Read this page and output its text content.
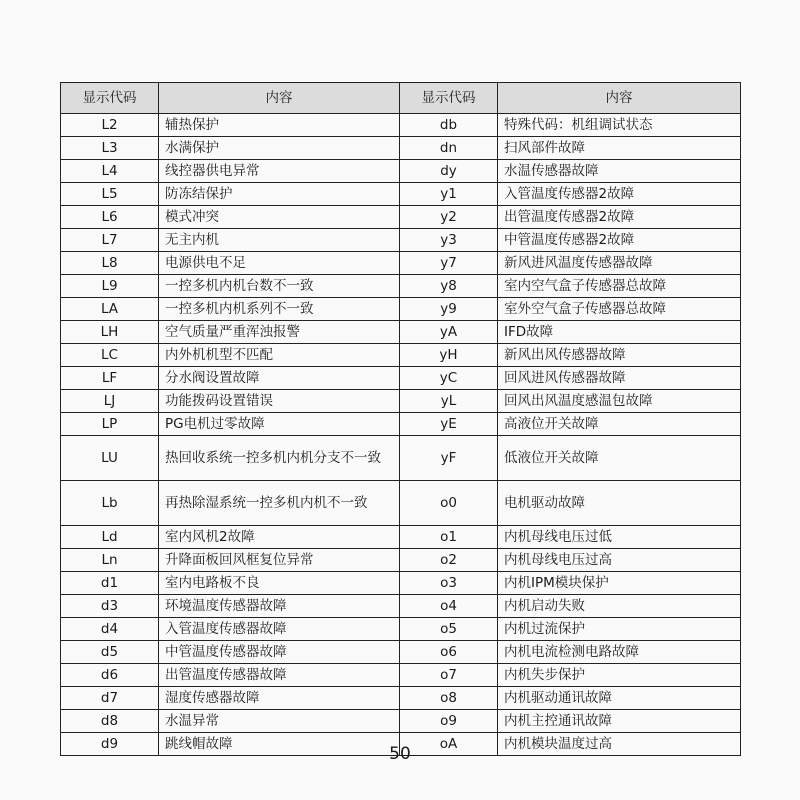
显示代码	内容	显示代码	内容
L2	辅热保护	db	特殊代码：机组调试状态
L3	水满保护	dn	扫风部件故障
L4	线控器供电异常	dy	水温传感器故障
L5	防冻结保护	y1	入管温度传感器2故障
L6	模式冲突	y2	出管温度传感器2故障
L7	无主内机	y3	中管温度传感器2故障
L8	电源供电不足	y7	新风进风温度传感器故障
L9	一控多机内机台数不一致	y8	室内空气盒子传感器总故障
LA	一控多机内机系列不一致	y9	室外空气盒子传感器总故障
LH	空气质量严重浑浊报警	yA	IFD故障
LC	内外机机型不匹配	yH	新风出风传感器故障
LF	分水阀设置故障	yC	回风进风传感器故障
LJ	功能拨码设置错误	yL	回风出风温度感温包故障
LP	PG电机过零故障	yE	高液位开关故障
LU	热回收系统一控多机内机分支不一致	yF	低液位开关故障
Lb	再热除湿系统一控多机内机不一致	o0	电机驱动故障
Ld	室内风机2故障	o1	内机母线电压过低
Ln	升降面板回风框复位异常	o2	内机母线电压过高
d1	室内电路板不良	o3	内机IPM模块保护
d3	环境温度传感器故障	o4	内机启动失败
d4	入管温度传感器故障	o5	内机过流保护
d5	中管温度传感器故障	o6	内机电流检测电路故障
d6	出管温度传感器故障	o7	内机失步保护
d7	湿度传感器故障	o8	内机驱动通讯故障
d8	水温异常	o9	内机主控通讯故障
d9	跳线帽故障	oA	内机模块温度过高
50
